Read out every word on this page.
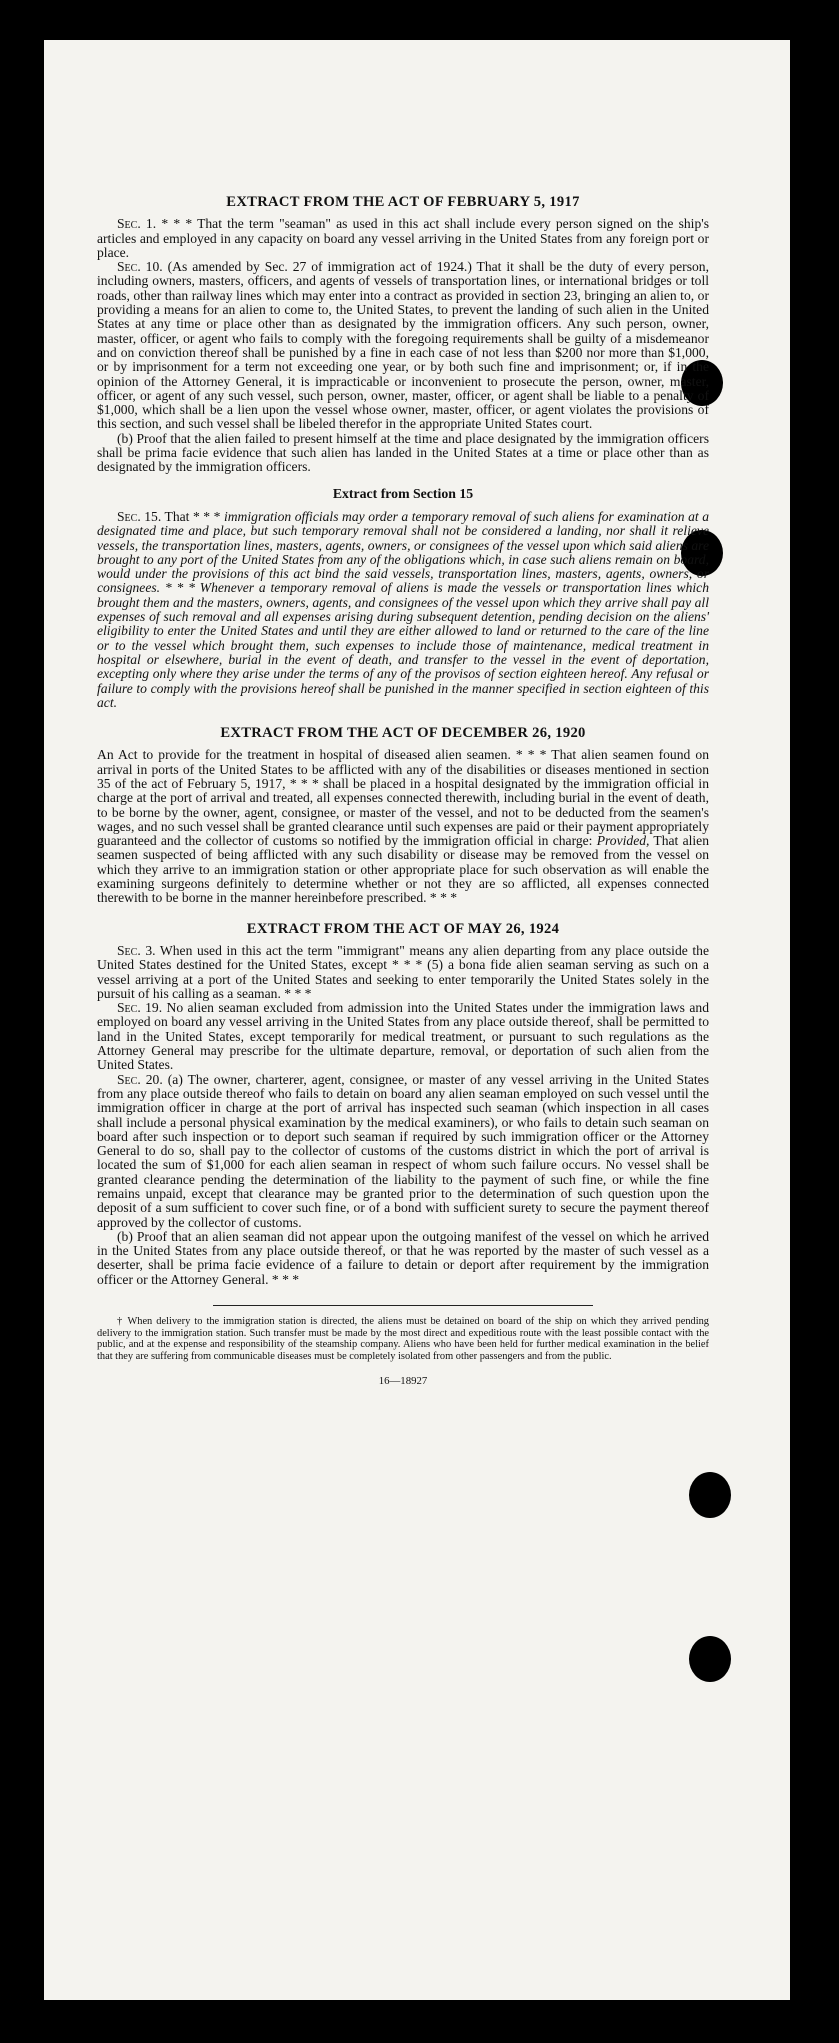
EXTRACT FROM THE ACT OF FEBRUARY 5, 1917

Sec. 1. * * * That the term "seaman" as used in this act shall include every person signed on the ship's articles and employed in any capacity on board any vessel arriving in the United States from any foreign port or place.

Sec. 10. (As amended by Sec. 27 of immigration act of 1924.) That it shall be the duty of every person, including owners, masters, officers, and agents of vessels of transportation lines, or international bridges or toll roads, other than railway lines which may enter into a contract as provided in section 23, bringing an alien to, or providing a means for an alien to come to, the United States, to prevent the landing of such alien in the United States at any time or place other than as designated by the immigration officers. Any such person, owner, master, officer, or agent who fails to comply with the foregoing requirements shall be guilty of a misdemeanor and on conviction thereof shall be punished by a fine in each case of not less than $200 nor more than $1,000, or by imprisonment for a term not exceeding one year, or by both such fine and imprisonment; or, if in the opinion of the Attorney General, it is impracticable or inconvenient to prosecute the person, owner, master, officer, or agent of any such vessel, such person, owner, master, officer, or agent shall be liable to a penalty of $1,000, which shall be a lien upon the vessel whose owner, master, officer, or agent violates the provisions of this section, and such vessel shall be libeled therefor in the appropriate United States court.

(b) Proof that the alien failed to present himself at the time and place designated by the immigration officers shall be prima facie evidence that such alien has landed in the United States at a time or place other than as designated by the immigration officers.

Extract from Section 15

Sec. 15. That * * * immigration officials may order a temporary removal of such aliens for examination at a designated time and place, but such temporary removal shall not be considered a landing, nor shall it relieve vessels, the transportation lines, masters, agents, owners, or consignees of the vessel upon which said aliens are brought to any port of the United States from any of the obligations which, in case such aliens remain on board, would under the provisions of this act bind the said vessels, transportation lines, masters, agents, owners, or consignees. * * * Whenever a temporary removal of aliens is made the vessels or transportation lines which brought them and the masters, owners, agents, and consignees of the vessel upon which they arrive shall pay all expenses of such removal and all expenses arising during subsequent detention, pending decision on the aliens' eligibility to enter the United States and until they are either allowed to land or returned to the care of the line or to the vessel which brought them, such expenses to include those of maintenance, medical treatment in hospital or elsewhere, burial in the event of death, and transfer to the vessel in the event of deportation, excepting only where they arise under the terms of any of the provisos of section eighteen hereof. Any refusal or failure to comply with the provisions hereof shall be punished in the manner specified in section eighteen of this act.

EXTRACT FROM THE ACT OF DECEMBER 26, 1920

An Act to provide for the treatment in hospital of diseased alien seamen. * * * That alien seamen found on arrival in ports of the United States to be afflicted with any of the disabilities or diseases mentioned in section 35 of the act of February 5, 1917, * * * shall be placed in a hospital designated by the immigration official in charge at the port of arrival and treated, all expenses connected therewith, including burial in the event of death, to be borne by the owner, agent, consignee, or master of the vessel, and not to be deducted from the seamen's wages, and no such vessel shall be granted clearance until such expenses are paid or their payment appropriately guaranteed and the collector of customs so notified by the immigration official in charge: Provided, That alien seamen suspected of being afflicted with any such disability or disease may be removed from the vessel on which they arrive to an immigration station or other appropriate place for such observation as will enable the examining surgeons definitely to determine whether or not they are so afflicted, all expenses connected therewith to be borne in the manner hereinbefore prescribed. * * *

EXTRACT FROM THE ACT OF MAY 26, 1924

Sec. 3. When used in this act the term "immigrant" means any alien departing from any place outside the United States destined for the United States, except * * * (5) a bona fide alien seaman serving as such on a vessel arriving at a port of the United States and seeking to enter temporarily the United States solely in the pursuit of his calling as a seaman. * * *

Sec. 19. No alien seaman excluded from admission into the United States under the immigration laws and employed on board any vessel arriving in the United States from any place outside thereof, shall be permitted to land in the United States, except temporarily for medical treatment, or pursuant to such regulations as the Attorney General may prescribe for the ultimate departure, removal, or deportation of such alien from the United States.

Sec. 20. (a) The owner, charterer, agent, consignee, or master of any vessel arriving in the United States from any place outside thereof who fails to detain on board any alien seaman employed on such vessel until the immigration officer in charge at the port of arrival has inspected such seaman (which inspection in all cases shall include a personal physical examination by the medical examiners), or who fails to detain such seaman on board after such inspection or to deport such seaman if required by such immigration officer or the Attorney General to do so, shall pay to the collector of customs of the customs district in which the port of arrival is located the sum of $1,000 for each alien seaman in respect of whom such failure occurs. No vessel shall be granted clearance pending the determination of the liability to the payment of such fine, or while the fine remains unpaid, except that clearance may be granted prior to the determination of such question upon the deposit of a sum sufficient to cover such fine, or of a bond with sufficient surety to secure the payment thereof approved by the collector of customs.

(b) Proof that an alien seaman did not appear upon the outgoing manifest of the vessel on which he arrived in the United States from any place outside thereof, or that he was reported by the master of such vessel as a deserter, shall be prima facie evidence of a failure to detain or deport after requirement by the immigration officer or the Attorney General. * * *

† When delivery to the immigration station is directed, the aliens must be detained on board of the ship on which they arrived pending delivery to the immigration station. Such transfer must be made by the most direct and expeditious route with the least possible contact with the public, and at the expense and responsibility of the steamship company. Aliens who have been held for further medical examination in the belief that they are suffering from communicable diseases must be completely isolated from other passengers and from the public.

16—18927
